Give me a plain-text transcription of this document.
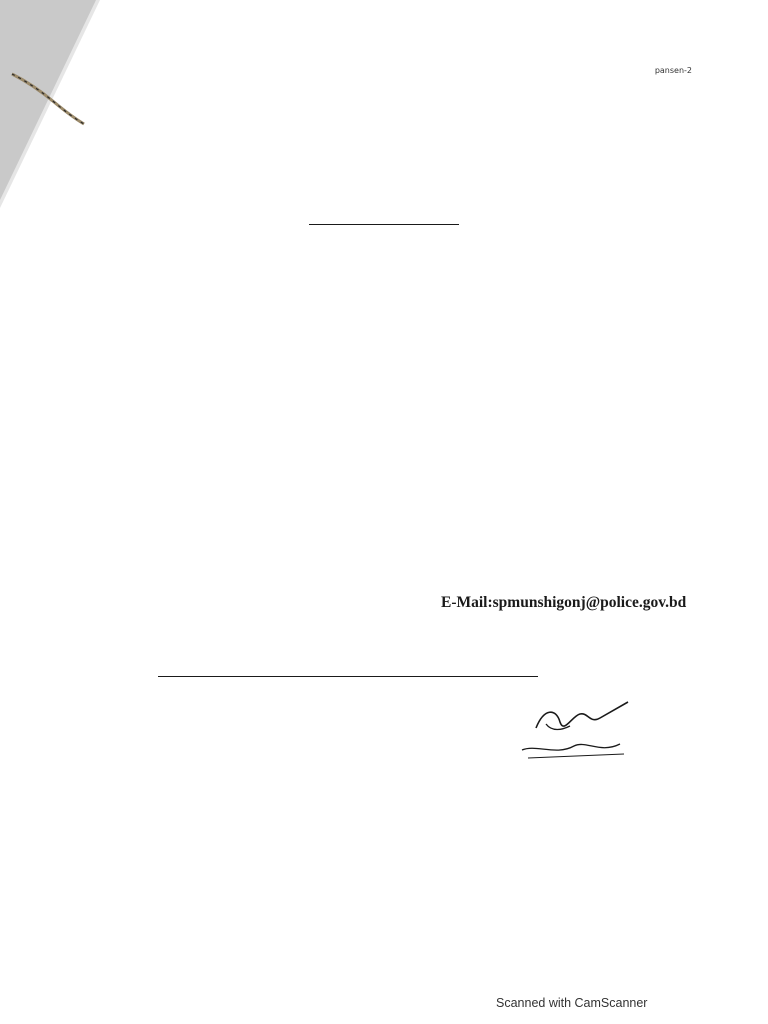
pansen-2
E-Mail:spmunshigonj@police.gov.bd
Scanned with CamScanner
